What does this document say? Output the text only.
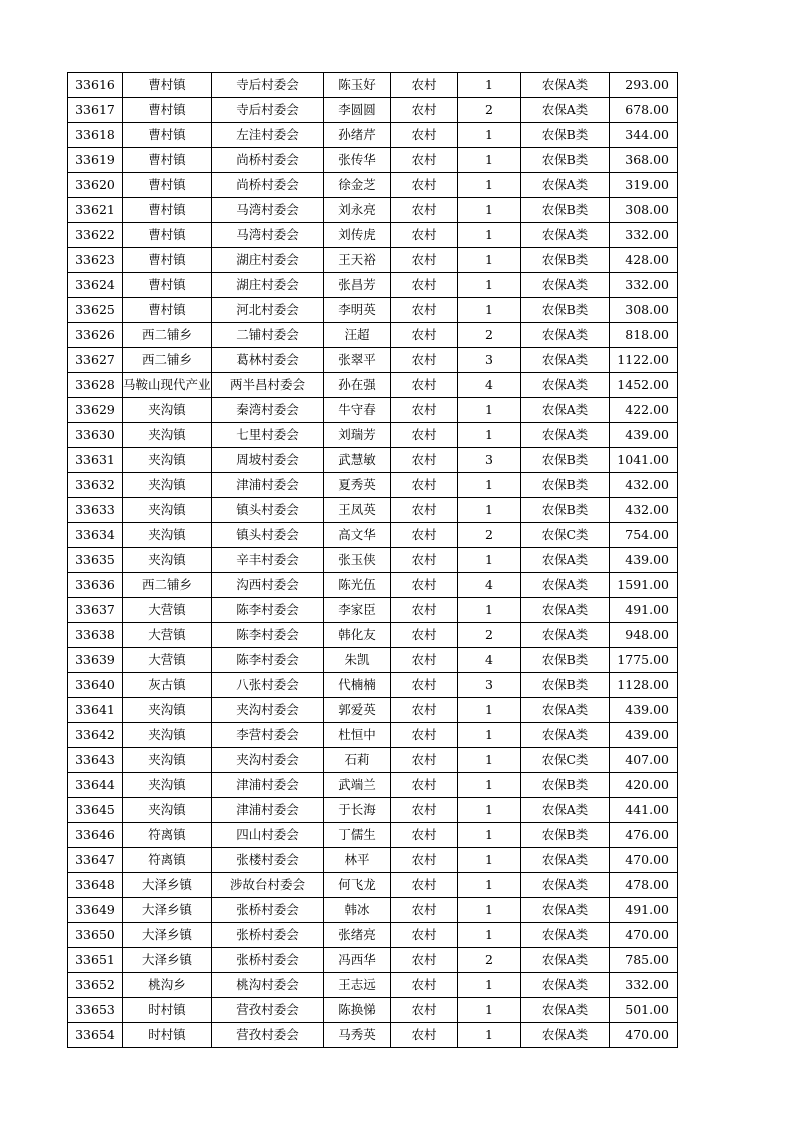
33616	曹村镇	寺后村委会	陈玉好	农村	1	农保A类	293.00
33617	曹村镇	寺后村委会	李圆圆	农村	2	农保A类	678.00
33618	曹村镇	左洼村委会	孙绪芹	农村	1	农保B类	344.00
33619	曹村镇	尚桥村委会	张传华	农村	1	农保B类	368.00
33620	曹村镇	尚桥村委会	徐金芝	农村	1	农保A类	319.00
33621	曹村镇	马湾村委会	刘永亮	农村	1	农保B类	308.00
33622	曹村镇	马湾村委会	刘传虎	农村	1	农保A类	332.00
33623	曹村镇	湖庄村委会	王天裕	农村	1	农保B类	428.00
33624	曹村镇	湖庄村委会	张昌芳	农村	1	农保A类	332.00
33625	曹村镇	河北村委会	李明英	农村	1	农保B类	308.00
33626	西二铺乡	二铺村委会	汪超	农村	2	农保A类	818.00
33627	西二铺乡	葛林村委会	张翠平	农村	3	农保A类	1122.00
33628	马鞍山现代产业	两半昌村委会	孙在强	农村	4	农保A类	1452.00
33629	夹沟镇	秦湾村委会	牛守春	农村	1	农保A类	422.00
33630	夹沟镇	七里村委会	刘瑞芳	农村	1	农保A类	439.00
33631	夹沟镇	周坡村委会	武慧敏	农村	3	农保B类	1041.00
33632	夹沟镇	津浦村委会	夏秀英	农村	1	农保B类	432.00
33633	夹沟镇	镇头村委会	王凤英	农村	1	农保B类	432.00
33634	夹沟镇	镇头村委会	高文华	农村	2	农保C类	754.00
33635	夹沟镇	辛丰村委会	张玉侠	农村	1	农保A类	439.00
33636	西二铺乡	沟西村委会	陈光伍	农村	4	农保A类	1591.00
33637	大营镇	陈李村委会	李家臣	农村	1	农保A类	491.00
33638	大营镇	陈李村委会	韩化友	农村	2	农保A类	948.00
33639	大营镇	陈李村委会	朱凯	农村	4	农保B类	1775.00
33640	灰古镇	八张村委会	代楠楠	农村	3	农保B类	1128.00
33641	夹沟镇	夹沟村委会	郭爱英	农村	1	农保A类	439.00
33642	夹沟镇	李营村委会	杜恒中	农村	1	农保A类	439.00
33643	夹沟镇	夹沟村委会	石莉	农村	1	农保C类	407.00
33644	夹沟镇	津浦村委会	武端兰	农村	1	农保B类	420.00
33645	夹沟镇	津浦村委会	于长海	农村	1	农保A类	441.00
33646	符离镇	四山村委会	丁儒生	农村	1	农保B类	476.00
33647	符离镇	张楼村委会	林平	农村	1	农保A类	470.00
33648	大泽乡镇	涉故台村委会	何飞龙	农村	1	农保A类	478.00
33649	大泽乡镇	张桥村委会	韩冰	农村	1	农保A类	491.00
33650	大泽乡镇	张桥村委会	张绪亮	农村	1	农保A类	470.00
33651	大泽乡镇	张桥村委会	冯西华	农村	2	农保A类	785.00
33652	桃沟乡	桃沟村委会	王志远	农村	1	农保A类	332.00
33653	时村镇	营孜村委会	陈换悌	农村	1	农保A类	501.00
33654	时村镇	营孜村委会	马秀英	农村	1	农保A类	470.00
